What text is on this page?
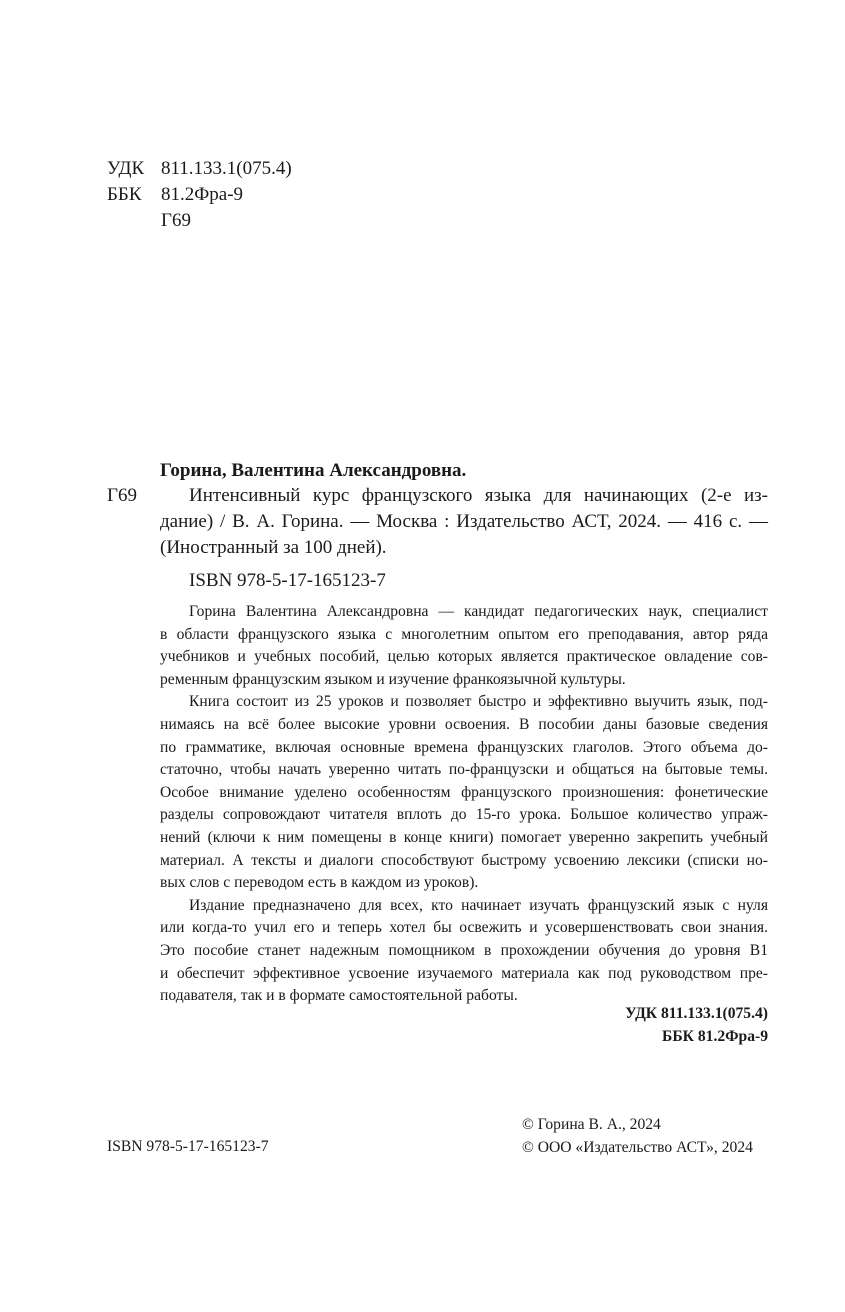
УДК 811.133.1(075.4)
ББК	81.2Фра-9
Г69
Горина, Валентина Александровна.
Г69	Интенсивный курс французского языка для начинающих (2-е из-
дание) / В. А. Горина. — Москва : Издательство АСТ, 2024. — 416 с. —
(Иностранный за 100 дней).
ISBN 978-5-17-165123-7
Горина Валентина Александровна — кандидат педагогических наук, специалист
в области французского языка с многолетним опытом его преподавания, автор ряда
учебников и учебных пособий, целью которых является практическое овладение сов-
ременным французским языком и изучение франкоязычной культуры.
Книга состоит из 25 уроков и позволяет быстро и эффективно выучить язык, под-
нимаясь на всё более высокие уровни освоения. В пособии даны базовые сведения
по грамматике, включая основные времена французских глаголов. Этого объема до-
статочно, чтобы начать уверенно читать по-французски и общаться на бытовые темы.
Особое внимание уделено особенностям французского произношения: фонетические
разделы сопровождают читателя вплоть до 15-го урока. Большое количество упраж-
нений (ключи к ним помещены в конце книги) помогает уверенно закрепить учебный
материал. А тексты и диалоги способствуют быстрому усвоению лексики (списки но-
вых слов с переводом есть в каждом из уроков).
Издание предназначено для всех, кто начинает изучать французский язык с нуля
или когда-то учил его и теперь хотел бы освежить и усовершенствовать свои знания.
Это пособие станет надежным помощником в прохождении обучения до уровня B1
и обеспечит эффективное усвоение изучаемого материала как под руководством пре-
подавателя, так и в формате самостоятельной работы.
УДК 811.133.1(075.4)
ББК 81.2Фра-9
© Горина В. А., 2024
© ООО «Издательство АСТ», 2024
ISBN 978-5-17-165123-7
